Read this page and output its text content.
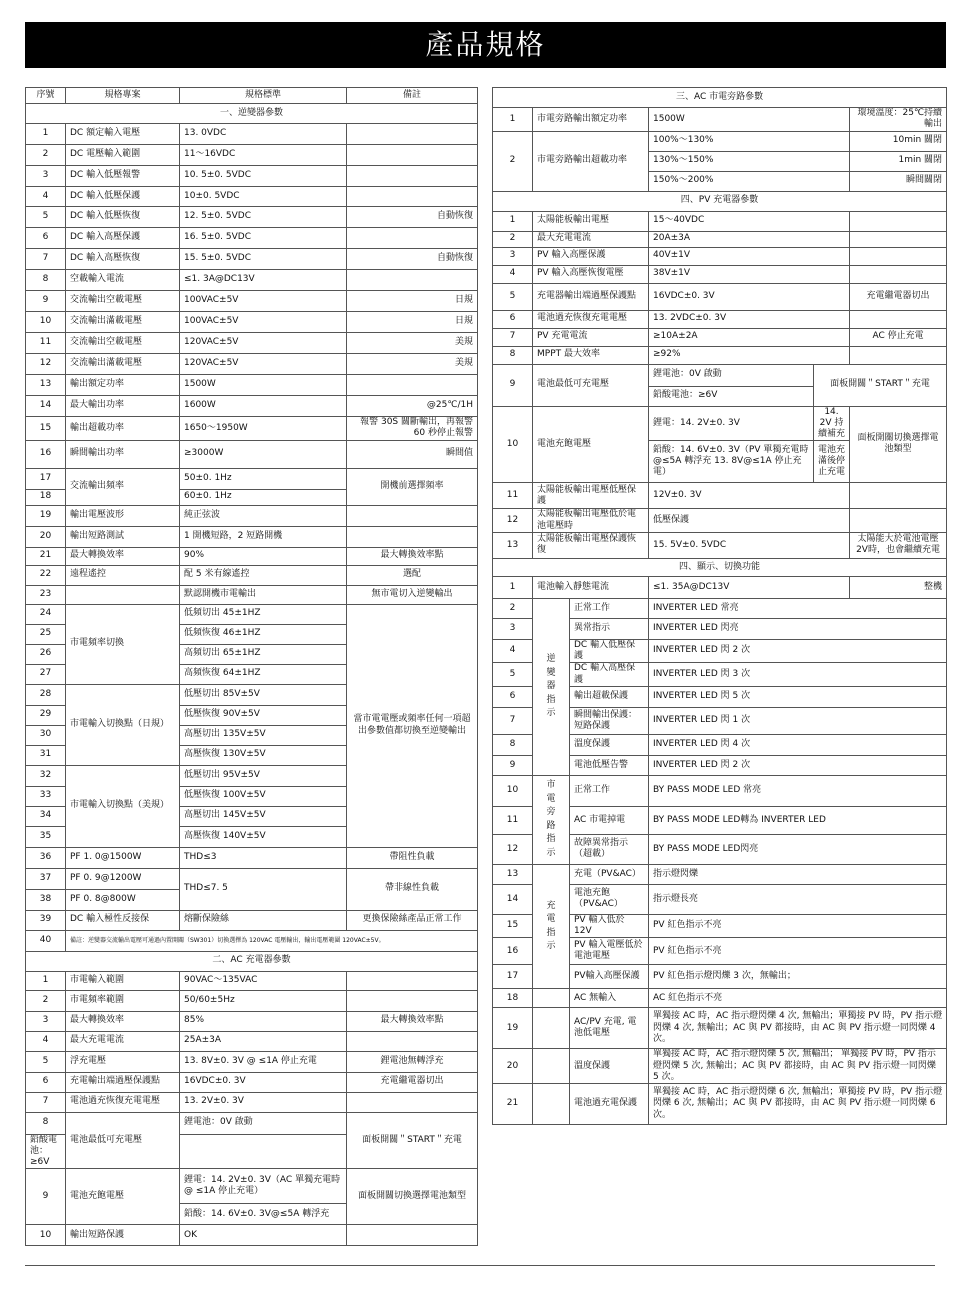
產品規格
序號	規格專案	規格標準	備註
一、逆變器參數			
1	DC 額定輸入電壓	13. 0VDC	
2	DC 電壓輸入範圍	11～16VDC	
3	DC 輸入低壓報警	10. 5±0. 5VDC	
4	DC 輸入低壓保護	10±0. 5VDC	
5	DC 輸入低壓恢復	12. 5±0. 5VDC	自動恢復
6	DC 輸入高壓保護	16. 5±0. 5VDC	
7	DC 輸入高壓恢復	15. 5±0. 5VDC	自動恢復
8	空載輸入電流	≤1. 3A@DC13V	
9	交流輸出空載電壓	100VAC±5V	日規
10	交流輸出滿載電壓	100VAC±5V	日規
11	交流輸出空載電壓	120VAC±5V	美規
12	交流輸出滿載電壓	120VAC±5V	美規
13	輸出額定功率	1500W	
14	最大輸出功率	1600W	@25℃/1H
15	輸出超載功率	1650～1950W	報警 30S 關斷輸出，再報警 60 秒停止報警
16	瞬間輸出功率	≥3000W	瞬間值
17	交流輸出頻率	50±0. 1Hz	開機前選擇頻率
18		60±0. 1Hz	
19	輸出電壓波形	純正弦波	
20	輸出短路測試	1 開機短路，2 短路開機	
21	最大轉換效率	90%	最大轉換效率點
22	遠程遙控	配 5 米有線遙控	選配
23		默認開機市電輸出	無市電切入逆變輸出
24	市電頻率切換	低頻切出 45±1HZ	當市電電壓或頻率任何一項超出參數值都切換至逆變輸出
25		低頻恢復 46±1HZ	
26		高頻切出 65±1HZ	
27		高頻恢復 64±1HZ	
28	市電輸入切換點（日規）	低壓切出 85V±5V	
29		低壓恢復 90V±5V	
30		高壓切出 135V±5V	
31		高壓恢復 130V±5V	
32	市電輸入切換點（美規）	低壓切出 95V±5V	
33		低壓恢復 100V±5V	
34		高壓切出 145V±5V	
35		高壓恢復 140V±5V	
36	PF 1. 0@1500W	THD≤3	帶阻性負載
37	PF 0. 9@1200W	THD≤7. 5	帶非線性負載
38	PF 0. 8@800W		
39	DC 輸入極性反接保	熔斷保險絲	更換保險絲產品正常工作
40	備註：逆變器交流輸出電壓可通過內置開關（SW301）切換選擇為 120VAC 電壓輸出，輸出電壓範圍 120VAC±5V。		
二、AC 充電器參數			
1	市電輸入範圍	90VAC～135VAC	
2	市電頻率範圍	50/60±5Hz	
3	最大轉換效率	85%	最大轉換效率點
4	最大充電電流	25A±3A	
5	浮充電壓	13. 8V±0. 3V @ ≤1A 停止充電	鋰電池無轉浮充
6	充電輸出端過壓保護點	16VDC±0. 3V	充電繼電器切出
7	電池過充恢復充電電壓	13. 2V±0. 3V	
8	電池最低可充電壓	鋰電池：0V 啟動	面板開關＂START＂充電
鉛酸電池：≥6V			
9	電池充飽電壓	鋰電：14. 2V±0. 3V（AC 單獨充電時 @ ≤1A 停止充電）	面板開關切換選擇電池類型
		鉛酸：14. 6V±0. 3V@≤5A 轉浮充	
10	輸出短路保護	OK	
三、AC 市電旁路參數					
1	市電旁路輸出額定功率		1500W		環境溫度：25℃持續輸出
2	市電旁路輸出超載功率		100%～130%		10min 關閉
			130%～150%		1min 關閉
			150%～200%		瞬間關閉
四、PV 充電器參數					
1	太陽能板輸出電壓		15～40VDC		
2	最大充電電流		20A±3A		
3	PV 輸入高壓保護		40V±1V		
4	PV 輸入高壓恢復電壓		38V±1V		
5	充電器輸出端過壓保護點		16VDC±0. 3V		充電繼電器切出
6	電池過充恢復充電電壓		13. 2VDC±0. 3V		
7	PV 充電電流		≥10A±2A		AC 停止充電
8	MPPT 最大效率		≥92%		
9	電池最低可充電壓		鋰電池：0V 啟動	面板開關＂START＂充電	
			鉛酸電池：≥6V		
10	電池充飽電壓		鋰電：14. 2V±0. 3V	14. 2V 持續補充	面板開關切換選擇電池類型
			鉛酸：14. 6V±0. 3V（PV 單獨充電時 @≤5A 轉浮充 13. 8V@≤1A 停止充電）	電池充滿後停止充電	
11	太陽能板輸出電壓低壓保護		12V±0. 3V		
12	太陽能板輸出電壓低於電池電壓時		低壓保護		
13	太陽能板輸出電壓保護恢復		15. 5V±0. 5VDC		太陽能大於電池電壓2V時，也會繼續充電
四、顯示、切換功能					
1	電池輸入靜態電流		≤1. 35A@DC13V		整機
2	逆變器指示	正常工作	INVERTER LED 常亮		
3		異常指示	INVERTER LED 閃亮		
4		DC 輸入低壓保護	INVERTER LED 閃 2 次		
5		DC 輸入高壓保護	INVERTER LED 閃 3 次		
6		輸出超載保護	INVERTER LED 閃 5 次		
7		瞬間輸出保護：短路保護	INVERTER LED 閃 1 次		
8		溫度保護	INVERTER LED 閃 4 次		
9		電池低壓告警	INVERTER LED 閃 2 次		
10	市電旁路指示	正常工作	BY PASS MODE LED 常亮		
11		AC 市電掉電	BY PASS MODE LED轉為 INVERTER LED		
12		故障異常指示（超載）	BY PASS MODE LED閃亮		
13	充電指示	充電（PV&AC）	指示燈閃爍		
14		電池充飽（PV&AC）	指示燈長亮		
15		PV 輸入低於 12V	PV 紅色指示不亮		
16		PV 輸入電壓低於電池電壓	PV 紅色指示不亮		
17		PV輸入高壓保護	PV 紅色指示燈閃爍 3 次，無輸出；		
18		AC 無輸入	AC 紅色指示不亮		
19		AC/PV 充電, 電池低電壓	單獨接 AC 時，AC 指示燈閃爍 4 次, 無輸出；單獨接 PV 時，PV 指示燈閃爍 4 次, 無輸出；AC 與 PV 都接時，由 AC 與 PV 指示燈一同閃爍 4 次。		
20		溫度保護	單獨接 AC 時，AC 指示燈閃爍 5 次, 無輸出； 單獨接 PV 時，PV 指示燈閃爍 5 次, 無輸出；AC 與 PV 都接時，由 AC 與 PV 指示燈一同閃爍 5 次。		
21		電池過充電保護	單獨接 AC 時，AC 指示燈閃爍 6 次, 無輸出；單獨接 PV 時，PV 指示燈閃爍 6 次, 無輸出；AC 與 PV 都接時，由 AC 與 PV 指示燈一同閃爍 6 次。		
